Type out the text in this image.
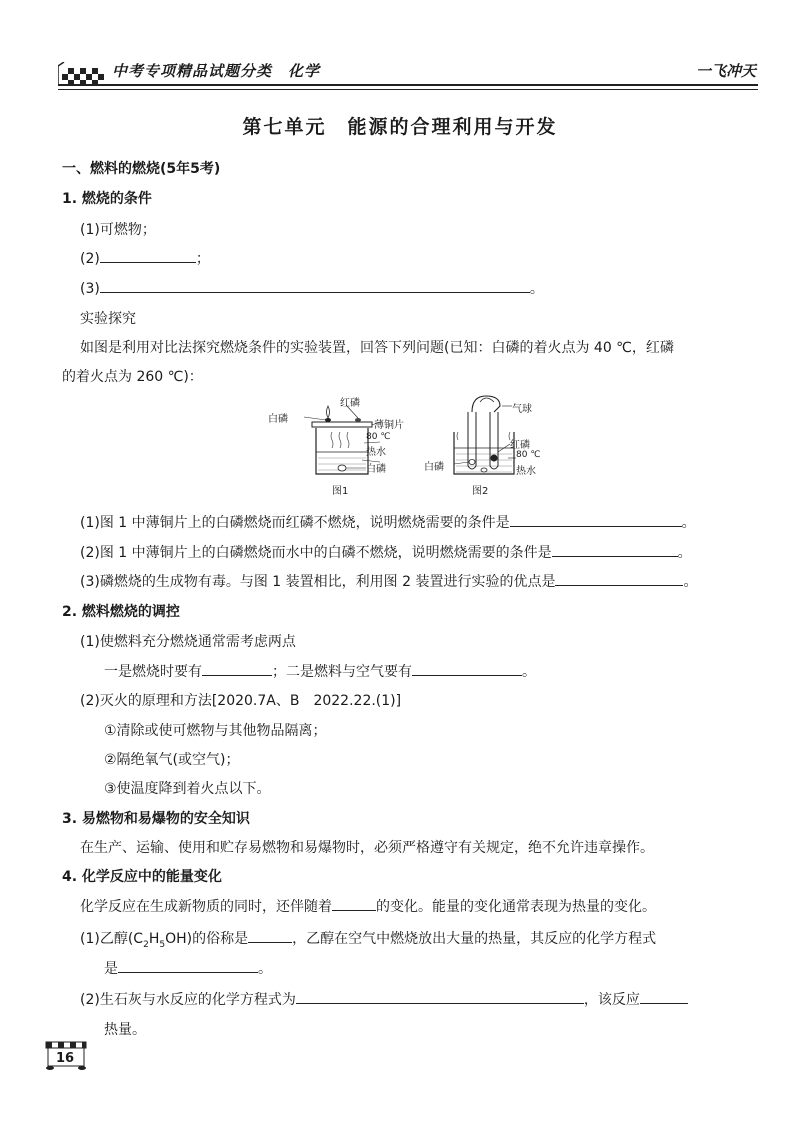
中考专项精品试题分类　化学	一飞冲天
第七单元　能源的合理利用与开发
一、燃料的燃烧(5年5考)
1. 燃烧的条件
(1)可燃物；
(2)	；
(3)	。
实验探究
如图是利用对比法探究燃烧条件的实验装置，回答下列问题(已知：白磷的着火点为 40 ℃，红磷
的着火点为 260 ℃)：
白磷
红磷
薄铜片
80 ℃
热水
白磷
图1
气球
红磷
白磷
80 ℃
热水
图2
(1)图 1 中薄铜片上的白磷燃烧而红磷不燃烧，说明燃烧需要的条件是	。
(2)图 1 中薄铜片上的白磷燃烧而水中的白磷不燃烧，说明燃烧需要的条件是	。
(3)磷燃烧的生成物有毒。与图 1 装置相比，利用图 2 装置进行实验的优点是	。
2. 燃料燃烧的调控
(1)使燃料充分燃烧通常需考虑两点
一是燃烧时要有	；二是燃料与空气要有	。
(2)灭火的原理和方法[2020.7A、B　2022.22.(1)]
①清除或使可燃物与其他物品隔离；
②隔绝氧气(或空气)；
③使温度降到着火点以下。
3. 易燃物和易爆物的安全知识
在生产、运输、使用和贮存易燃物和易爆物时，必须严格遵守有关规定，绝不允许违章操作。
4. 化学反应中的能量变化
化学反应在生成新物质的同时，还伴随着	的变化。能量的变化通常表现为热量的变化。
(1)乙醇$(C_2H_5OH)$的俗称是	，乙醇在空气中燃烧放出大量的热量，其反应的化学方程式
是	。
(2)生石灰与水反应的化学方程式为	，该反应
热量。
16
